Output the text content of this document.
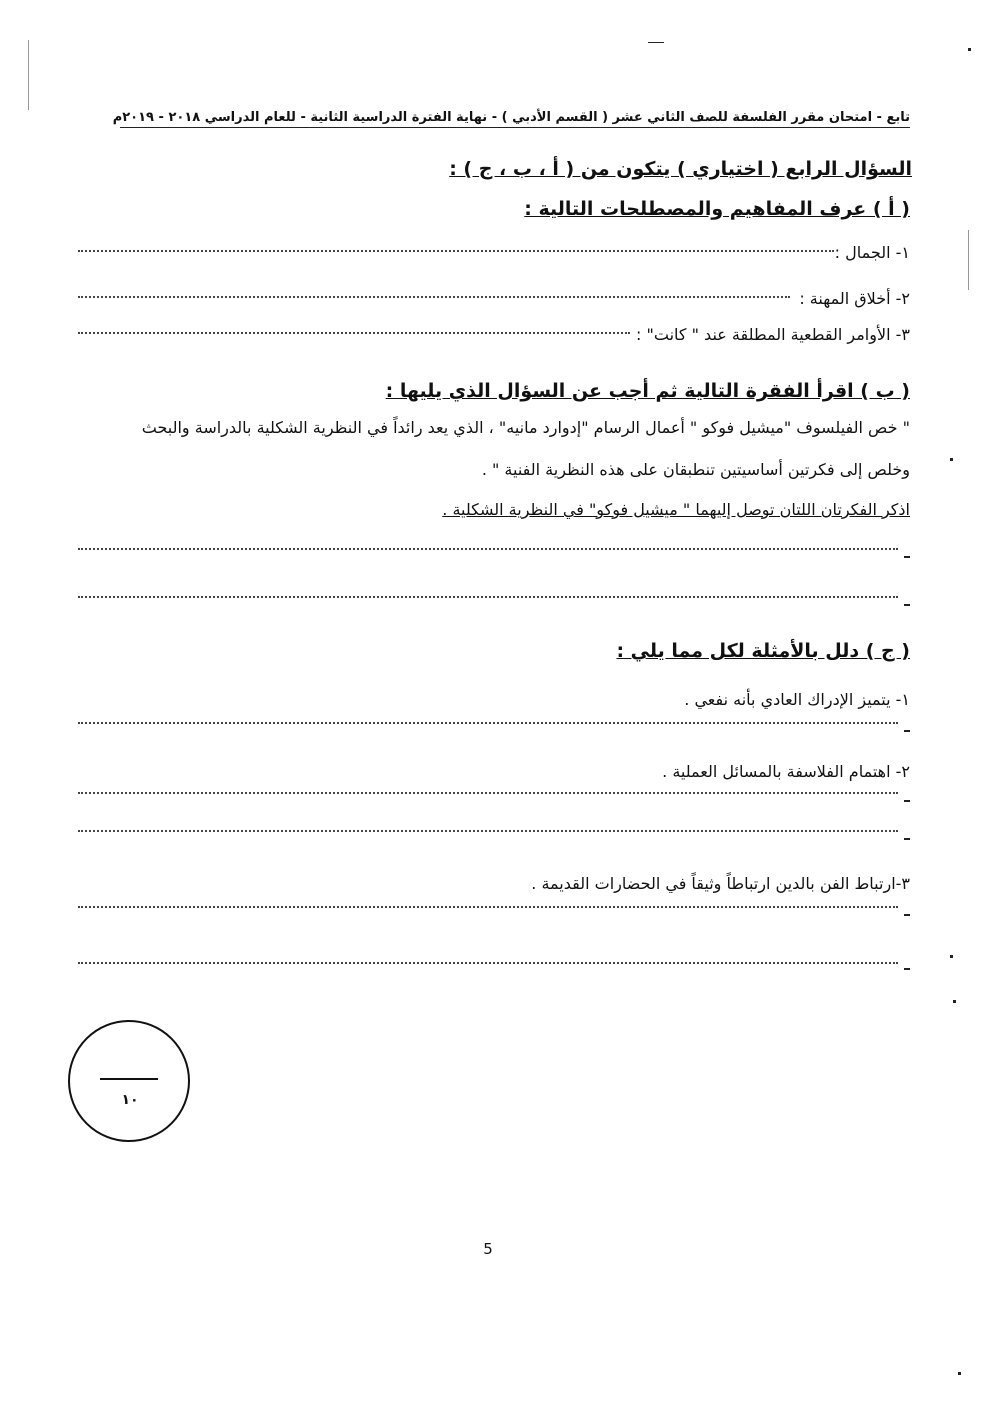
تابع - امتحان مقرر الفلسفة للصف الثاني عشر ( القسم الأدبي ) - نهاية الفترة الدراسية الثانية - للعام الدراسي ٢٠١٨ - ٢٠١٩م
السؤال الرابع ( اختياري ) يتكون من ( أ ، ب ، ج ) :
( أ ) عرف المفاهيم والمصطلحات التالية :
١- الجمال :
٢- أخلاق المهنة :
٣- الأوامر القطعية المطلقة عند " كانت" :
( ب ) اقرأ الفقرة التالية ثم أجب عن السؤال الذي يليها :
" خص الفيلسوف "ميشيل فوكو " أعمال الرسام "إدوارد مانيه" ، الذي يعد رائداً في النظرية الشكلية بالدراسة والبحث
وخلص إلى فكرتين أساسيتين تنطبقان على هذه النظرية الفنية " .
اذكر الفكرتان اللتان توصل إليهما " ميشيل فوكو" في النظرية الشكلية .
( ج ) دلل بالأمثلة لكل مما يلي :
١- يتميز الإدراك العادي بأنه نفعي .
٢- اهتمام الفلاسفة بالمسائل العملية .
٣-ارتباط الفن بالدين ارتباطاً وثيقاً في الحضارات القديمة .
١٠
5
